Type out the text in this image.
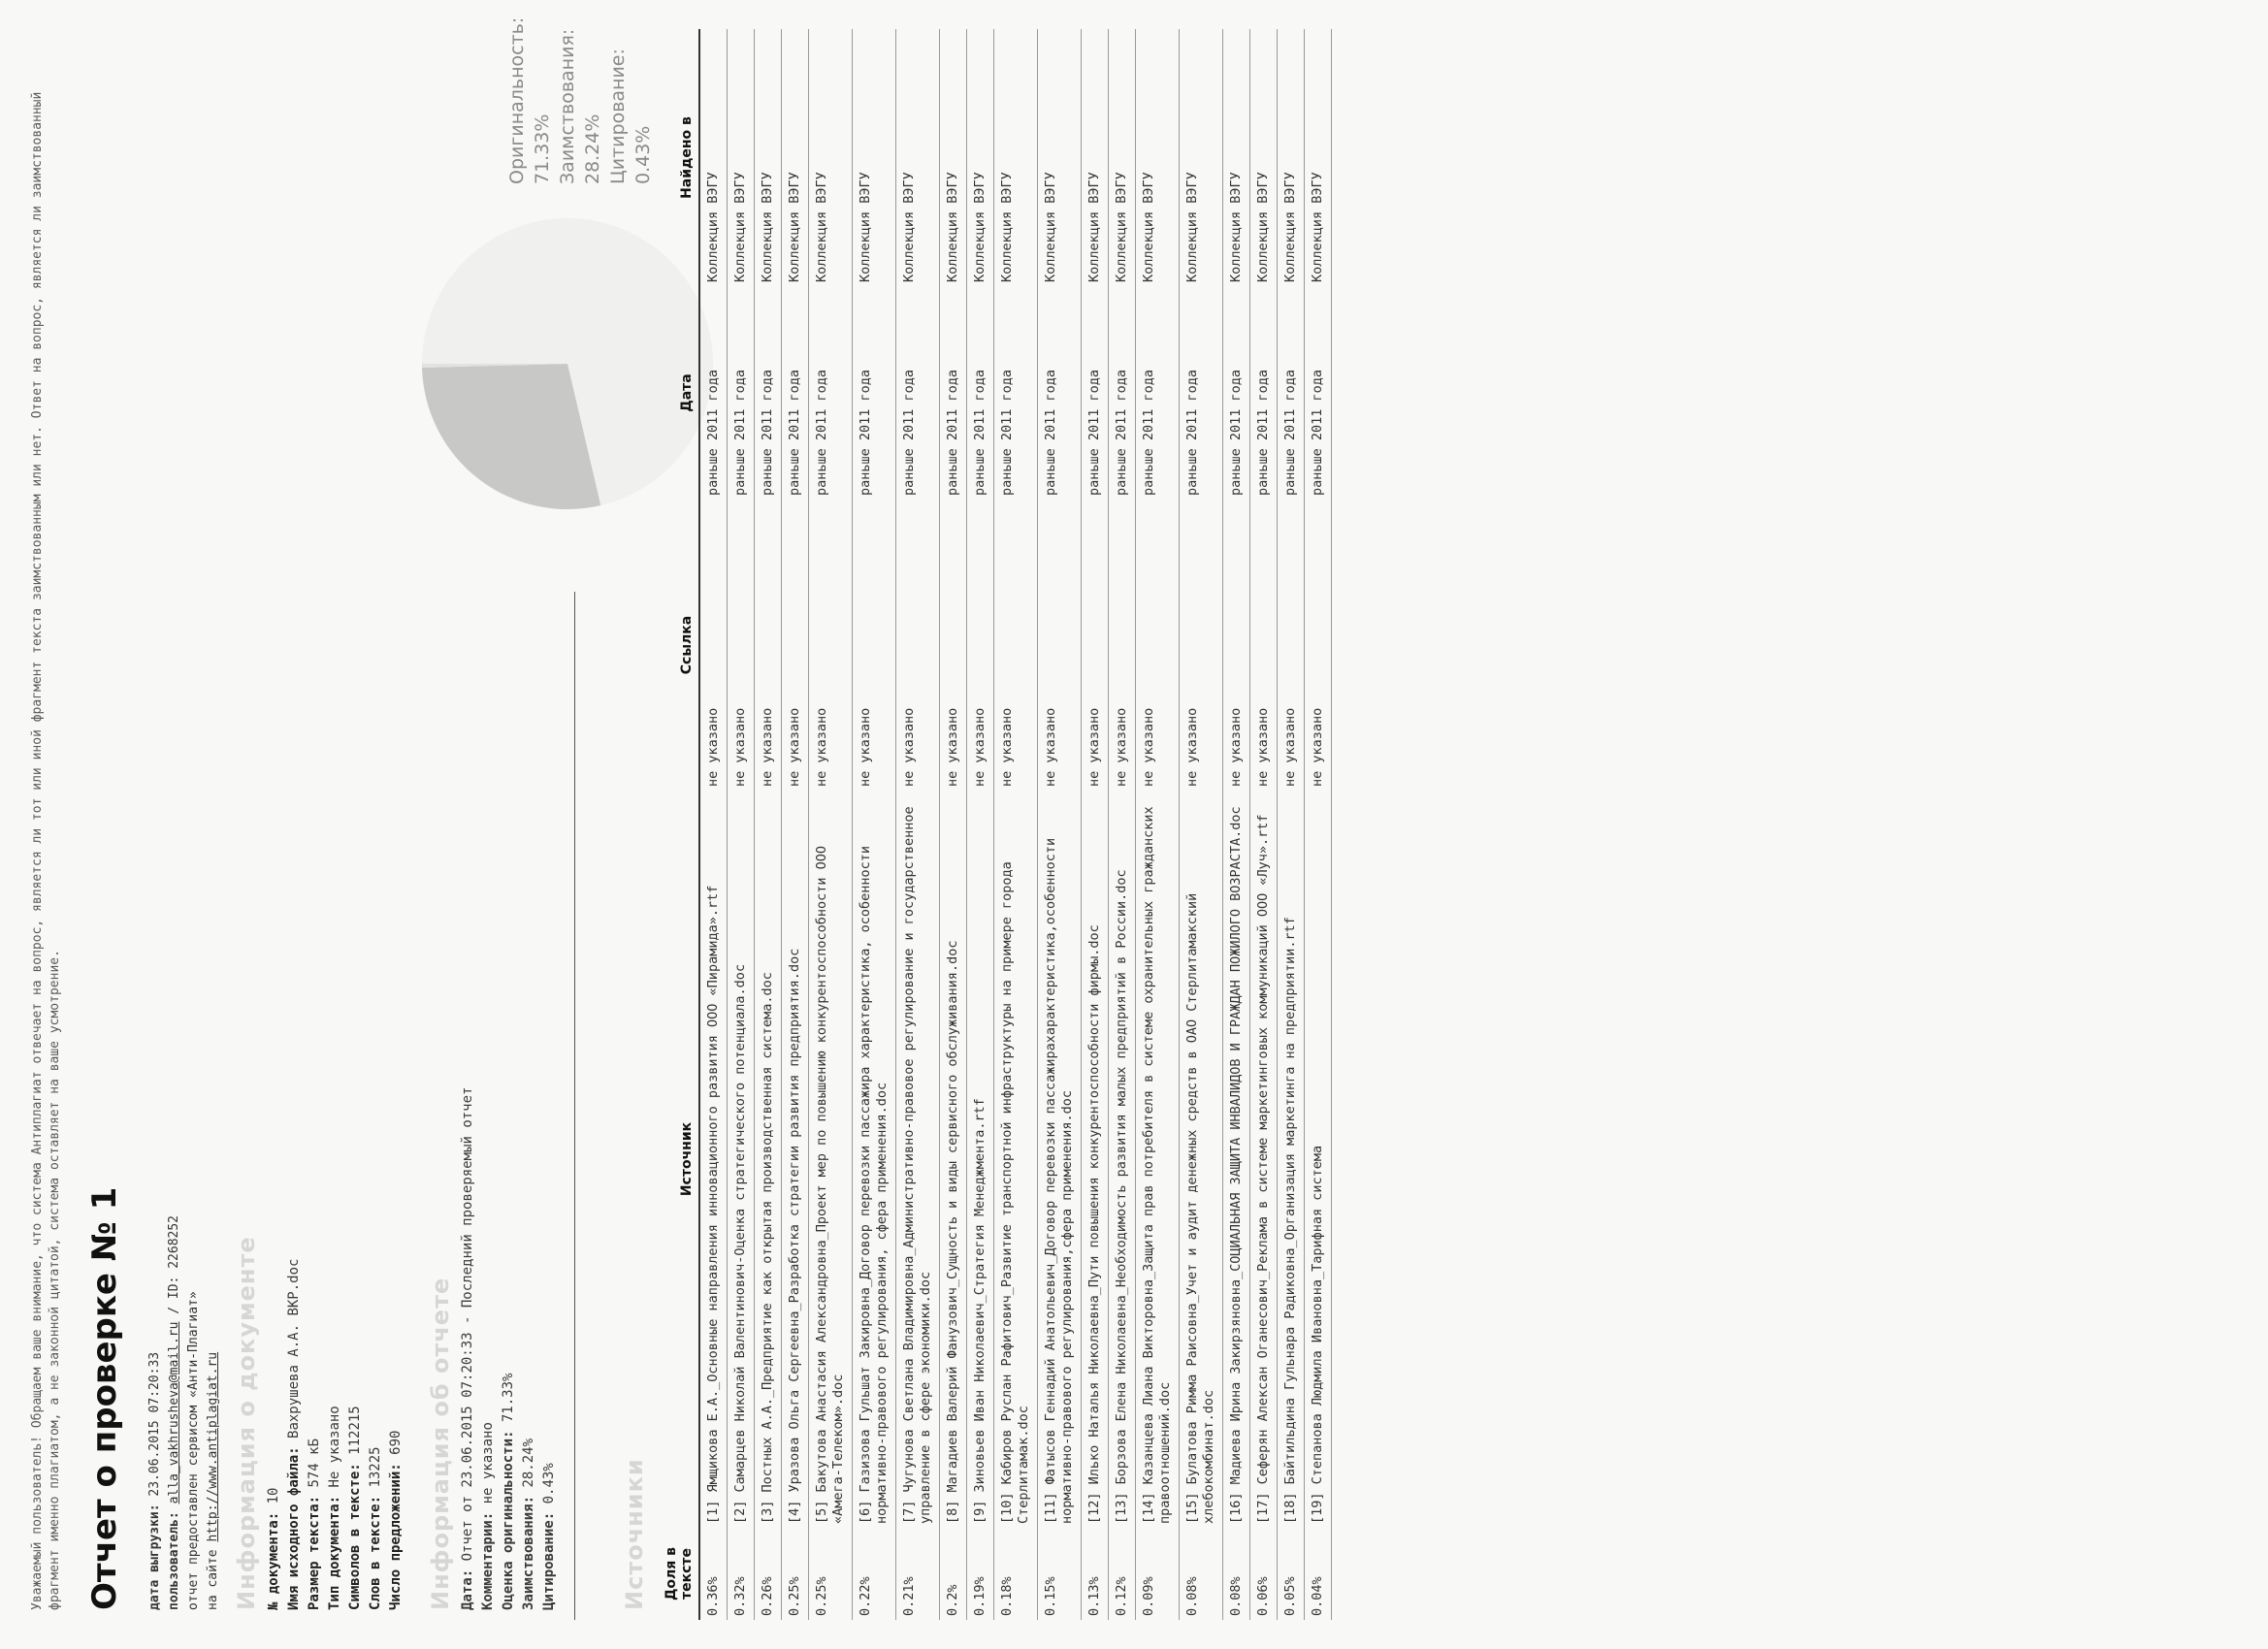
Уважаемый пользователь! Обращаем ваше внимание, что система Антиплагиат отвечает на вопрос, является ли тот или иной фрагмент текста заимствованным или нет. Ответ на вопрос, является ли заимствованный фрагмент именно плагиатом, а не законной цитатой, система оставляет на ваше усмотрение. Отчет о проверке № 1 дата выгрузки: 23.06.2015 07:20:33
пользователь: alla_vakhrusheva@mail.ru / ID: 2268252
отчет предоставлен сервисом «Анти-Плагиат» на сайте http://www.antiplagiat.ru Информация о документе № документа: 10 Имя исходного файла: Вахрушева А.А. ВКР.doc
Размер текста: 574 кБ
Тип документа: Не указано
Символов в тексте: 112215
Слов в тексте: 13225 Число предложений: 690 Информация об отчете Дата: Отчет от 23.06.2015 07:20:33 - Последний проверяемый отчет
Комментарии: не указано Оценка оригинальности: 71.33%
Заимствования: 28.24%
Цитирование: 0.43%
Оригинальность: 71.33% Заимствования: 28.24% Цитирование: 0.43%
Источники Доля в тексте	Источник	Ссылка	Дата	Найдено в
0.36%	[1] Ямщикова Е.А._Основные направления инновационного развития ООО «Пирамида».rtf	не указано	раньше 2011 года	Коллекция ВЭГУ
0.32%	[2] Самарцев Николай Валентинович-Оценка стратегического потенциала.doc	не указано	раньше 2011 года	Коллекция ВЭГУ
0.26%	[3] Постных А.А._Предприятие как открытая производственная система.doc	не указано	раньше 2011 года	Коллекция ВЭГУ
0.25%	[4] Уразова Ольга Сергеевна_Разработка стратегии развития предприятия.doc	не указано	раньше 2011 года	Коллекция ВЭГУ
0.25%	[5] Бакутова Анастасия Александровна_Проект мер по повышению конкурентоспособности ООО «Амега-Телеком».doc	не указано	раньше 2011 года	Коллекция ВЭГУ
0.22%	[6] Газизова Гульшат Закировна_Договор перевозки пассажира характеристика, особенности нормативно-правового регулирования, сфера применения.doc	не указано	раньше 2011 года	Коллекция ВЭГУ
0.21%	[7] Чугунова Светлана Владимировна_Административно-правовое регулирование и государственное управление в сфере экономики.doc	не указано	раньше 2011 года	Коллекция ВЭГУ
0.2%	[8] Магадиев Валерий Фанузович_Сущность и виды сервисного обслуживания.doc	не указано	раньше 2011 года	Коллекция ВЭГУ
0.19%	[9] Зиновьев Иван Николаевич_Стратегия Менеджмента.rtf	не указано	раньше 2011 года	Коллекция ВЭГУ
0.18%	[10] Кабиров Руслан Рафитович_Развитие транспортной инфраструктуры на примере города Стерлитамак.doc	не указано	раньше 2011 года	Коллекция ВЭГУ
0.15%	[11] Фатысов Геннадий Анатольевич_Договор перевозки пассажирахарактеристика,особенности нормативно-правового регулирования,сфера применения.doc	не указано	раньше 2011 года	Коллекция ВЭГУ
0.13%	[12] Илько Наталья Николаевна_Пути повышения конкурентоспособности фирмы.doc	не указано	раньше 2011 года	Коллекция ВЭГУ
0.12%	[13] Борзова Елена Николаевна_Необходимость развития малых предприятий в России.doc	не указано	раньше 2011 года	Коллекция ВЭГУ
0.09%	[14] Казанцева Лиана Викторовна_Защита прав потребителя в системе охранительных гражданских правоотношений.doc	не указано	раньше 2011 года	Коллекция ВЭГУ
0.08%	[15] Булатова Римма Раисовна_Учет и аудит денежных средств в ОАО Стерлитамакский хлебокомбинат.doc	не указано	раньше 2011 года	Коллекция ВЭГУ
0.08%	[16] Мадиева Ирина Закирзяновна_СОЦИАЛЬНАЯ ЗАЩИТА ИНВАЛИДОВ И ГРАЖДАН ПОЖИЛОГО ВОЗРАСТА.doc	не указано	раньше 2011 года	Коллекция ВЭГУ
0.06%	[17] Сеферян Алексан Оганесович_Реклама в системе маркетинговых коммуникаций ООО «Луч».rtf	не указано	раньше 2011 года	Коллекция ВЭГУ
0.05%	[18] Байтильдина Гульнара Радиковна_Организация маркетинга на предприятии.rtf	не указано	раньше 2011 года	Коллекция ВЭГУ
0.04%	[19] Степанова Людмила Ивановна_Тарифная система	не указано	раньше 2011 года	Коллекция ВЭГУ
